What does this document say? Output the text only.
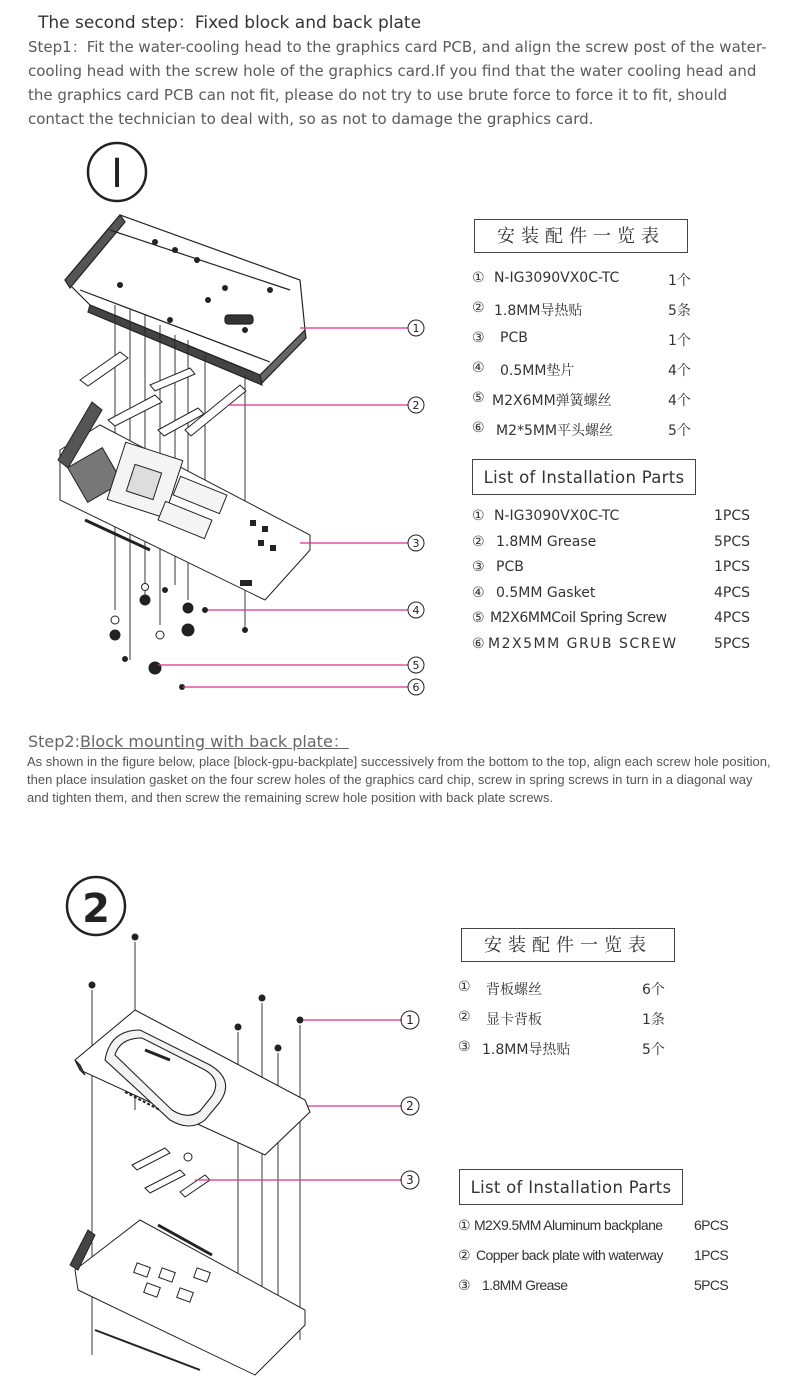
The second step：Fixed block and back plate
Step1：Fit the water-cooling head to the graphics card PCB, and align the screw post of the water-cooling head with the screw hole of the graphics card.If you find that the water cooling head and the graphics card PCB can not fit, please do not try to use brute force to force it to fit, should contact the technician to deal with, so as not to damage the graphics card.
Ⅰ
1
2
3
4
5
6
安装配件一览表
① N-IG3090VX0C-TC	1个
② 1.8MM导热贴	5条
③ PCB	1个
④ 0.5MM垫片	4个
⑤ M2X6MM弹簧螺丝	4个
⑥ M2*5MM平头螺丝	5个
List of Installation Parts
① N-IG3090VX0C-TC	1PCS
② 1.8MM Grease	5PCS
③ PCB	1PCS
④ 0.5MM Gasket	4PCS
⑤ M2X6MMCoil Spring Screw	4PCS
⑥ M2X5MM GRUB SCREW	5PCS
Step2:Block mounting with back plate：
As shown in the figure below, place [block-gpu-backplate] successively from the bottom to the top, align each screw hole position, then place insulation gasket on the four screw holes of the graphics card chip, screw in spring screws in turn in a diagonal way and tighten them, and then screw the remaining screw hole position with back plate screws.
2
1
2
3
安装配件一览表
① 背板螺丝	6个
② 显卡背板	1条
③ 1.8MM导热贴	5个
List of Installation Parts
① M2X9.5MM Aluminum backplane 6PCS
② Copper back plate with waterway 1PCS
③ 1.8MM Grease	5PCS
